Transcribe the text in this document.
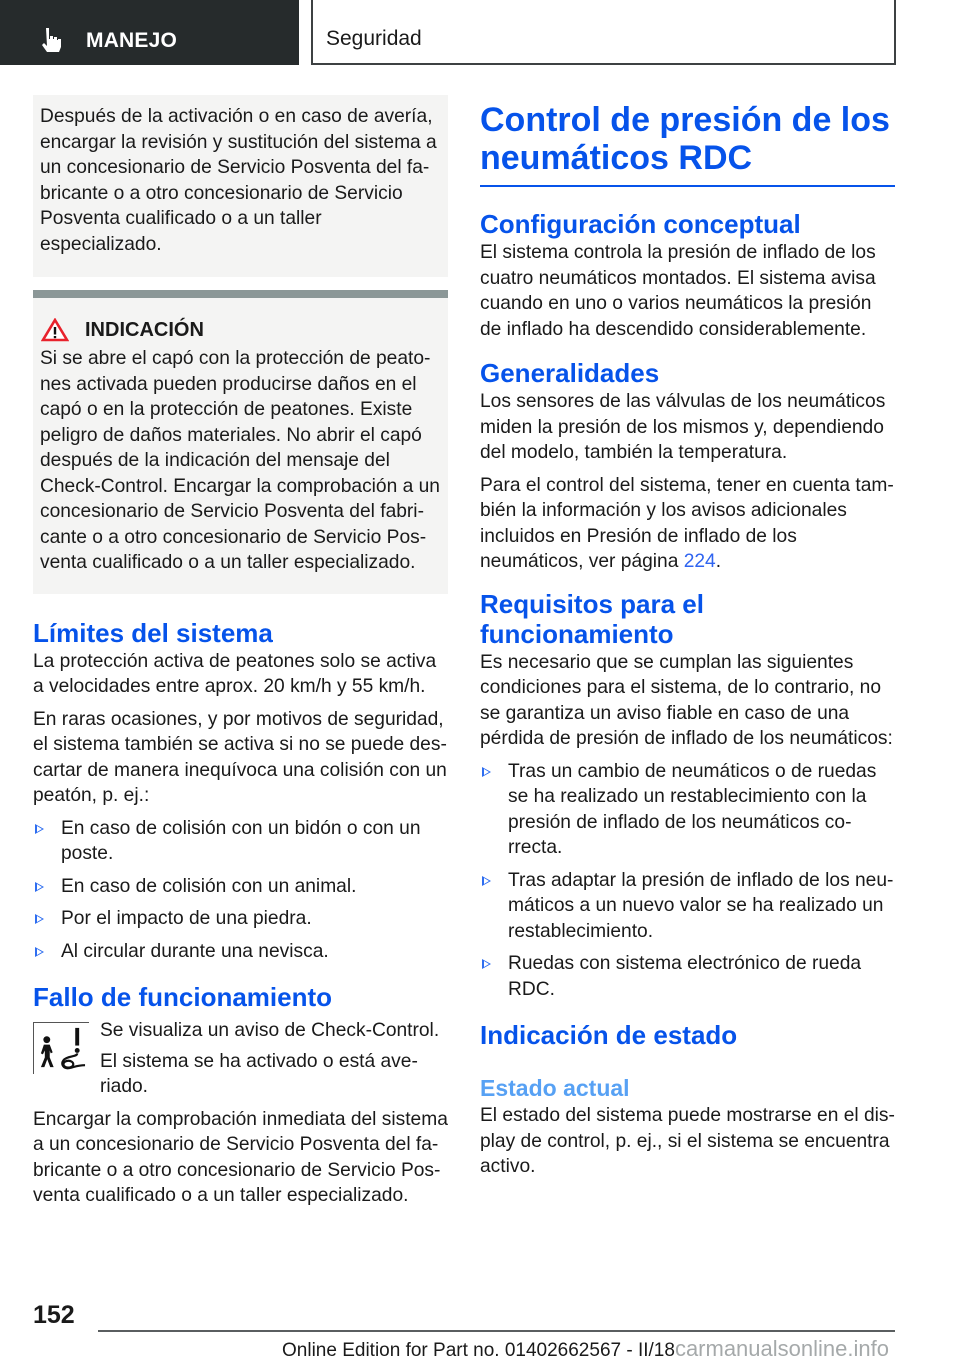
MANEJO	Seguridad

Después de la activación o en caso de avería, encargar la revisión y sustitución del sistema a un concesionario de Servicio Posventa del fabricante o a otro concesionario de Servicio Posventa cualificado o a un taller especializado.

INDICACIÓN

Si se abre el capó con la protección de peatones activada pueden producirse daños en el capó o en la protección de peatones. Existe peligro de daños materiales. No abrir el capó después de la indicación del mensaje del Check-Control. Encargar la comprobación a un concesionario de Servicio Posventa del fabricante o a otro concesionario de Servicio Posventa cualificado o a un taller especializado.

Límites del sistema

La protección activa de peatones solo se activa a velocidades entre aprox. 20 km/h y 55 km/h.

En raras ocasiones, y por motivos de seguridad, el sistema también se activa si no se puede descartar de manera inequívoca una colisión con un peatón, p. ej.:

En caso de colisión con un bidón o con un poste.
En caso de colisión con un animal.
Por el impacto de una piedra.
Al circular durante una nevisca.
Fallo de funcionamiento

Se visualiza un aviso de Check-Control.

El sistema se ha activado o está averiado.

Encargar la comprobación inmediata del sistema a un concesionario de Servicio Posventa del fabricante o a otro concesionario de Servicio Posventa cualificado o a un taller especializado.

Control de presión de los neumáticos RDC
Configuración conceptual

El sistema controla la presión de inflado de los cuatro neumáticos montados. El sistema avisa cuando en uno o varios neumáticos la presión de inflado ha descendido considerablemente.

Generalidades

Los sensores de las válvulas de los neumáticos miden la presión de los mismos y, dependiendo del modelo, también la temperatura.

Para el control del sistema, tener en cuenta también la información y los avisos adicionales incluidos en Presión de inflado de los neumáticos, ver página 224.

Requisitos para el funcionamiento

Es necesario que se cumplan las siguientes condiciones para el sistema, de lo contrario, no se garantiza un aviso fiable en caso de una pérdida de presión de inflado de los neumáticos:

Tras un cambio de neumáticos o de ruedas se ha realizado un restablecimiento con la presión de inflado de los neumáticos correcta.
Tras adaptar la presión de inflado de los neumáticos a un nuevo valor se ha realizado un restablecimiento.
Ruedas con sistema electrónico de rueda RDC.
Indicación de estado
Estado actual

El estado del sistema puede mostrarse en el display de control, p. ej., si el sistema se encuentra activo.

152
Online Edition for Part no. 01402662567 - II/18carmanualsonline.info
